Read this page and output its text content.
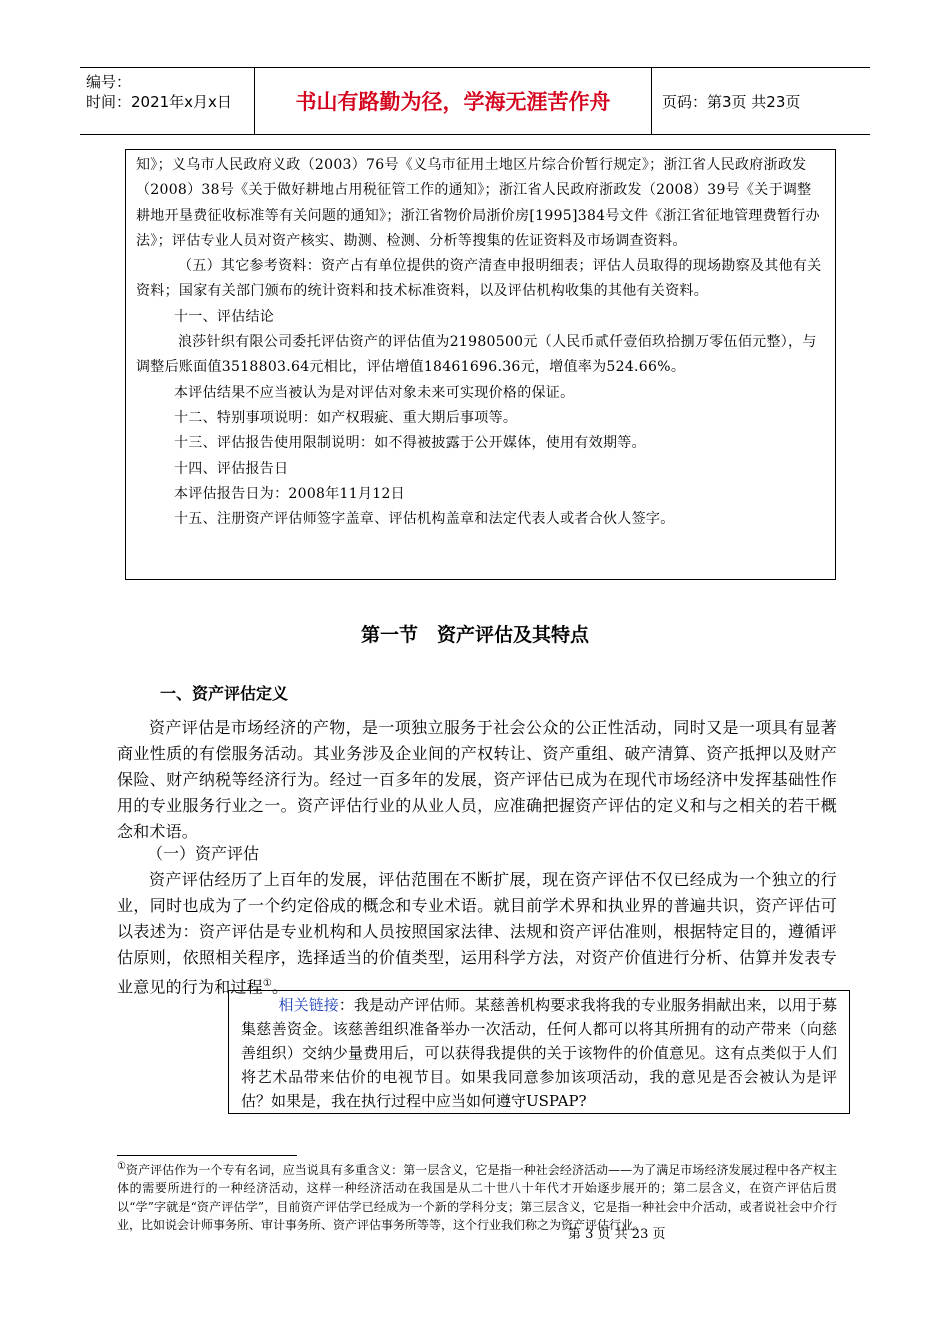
编号：
时间：2021年x月x日	书山有路勤为径，学海无涯苦作舟	页码：第3页 共23页

知》；义乌市人民政府义政（2003）76号《义乌市征用土地区片综合价暂行规定》；浙江省人民政府浙政发（2008）38号《关于做好耕地占用税征管工作的通知》；浙江省人民政府浙政发（2008）39号《关于调整耕地开垦费征收标准等有关问题的通知》；浙江省物价局浙价房[1995]384号文件《浙江省征地管理费暂行办法》；评估专业人员对资产核实、勘测、检测、分析等搜集的佐证资料及市场调查资料。

（五）其它参考资料：资产占有单位提供的资产清查申报明细表；评估人员取得的现场勘察及其他有关资料；国家有关部门颁布的统计资料和技术标准资料，以及评估机构收集的其他有关资料。

十一、评估结论

浪莎针织有限公司委托评估资产的评估值为21980500元（人民币贰仟壹佰玖拾捌万零伍佰元整），与调整后账面值3518803.64元相比，评估增值18461696.36元，增值率为524.66%。

本评估结果不应当被认为是对评估对象未来可实现价格的保证。

十二、特别事项说明：如产权瑕疵、重大期后事项等。

十三、评估报告使用限制说明：如不得被披露于公开媒体，使用有效期等。

十四、评估报告日

本评估报告日为：2008年11月12日

十五、注册资产评估师签字盖章、评估机构盖章和法定代表人或者合伙人签字。

第一节　资产评估及其特点
一、资产评估定义

资产评估是市场经济的产物，是一项独立服务于社会公众的公正性活动，同时又是一项具有显著商业性质的有偿服务活动。其业务涉及企业间的产权转让、资产重组、破产清算、资产抵押以及财产保险、财产纳税等经济行为。经过一百多年的发展，资产评估已成为在现代市场经济中发挥基础性作用的专业服务行业之一。资产评估行业的从业人员，应准确把握资产评估的定义和与之相关的若干概念和术语。

（一）资产评估

资产评估经历了上百年的发展，评估范围在不断扩展，现在资产评估不仅已经成为一个独立的行业，同时也成为了一个约定俗成的概念和专业术语。就目前学术界和执业界的普遍共识，资产评估可以表述为：资产评估是专业机构和人员按照国家法律、法规和资产评估准则，根据特定目的，遵循评估原则，依照相关程序，选择适当的价值类型，运用科学方法，对资产价值进行分析、估算并发表专业意见的行为和过程①。

相关链接：我是动产评估师。某慈善机构要求我将我的专业服务捐献出来，以用于募集慈善资金。该慈善组织准备举办一次活动，任何人都可以将其所拥有的动产带来（向慈善组织）交纳少量费用后，可以获得我提供的关于该物件的价值意见。这有点类似于人们将艺术品带来估价的电视节目。如果我同意参加该项活动，我的意见是否会被认为是评估？如果是，我在执行过程中应当如何遵守USPAP?

①资产评估作为一个专有名词，应当说具有多重含义：第一层含义，它是指一种社会经济活动——为了满足市场经济发展过程中各产权主体的需要所进行的一种经济活动，这样一种经济活动在我国是从二十世八十年代才开始逐步展开的；第二层含义，在资产评估后贯以“学”字就是“资产评估学”，目前资产评估学已经成为一个新的学科分支；第三层含义，它是指一种社会中介活动，或者说社会中介行业，比如说会计师事务所、审计事务所、资产评估事务所等等，这个行业我们称之为资产评估行业。

第 3 页 共 23 页
